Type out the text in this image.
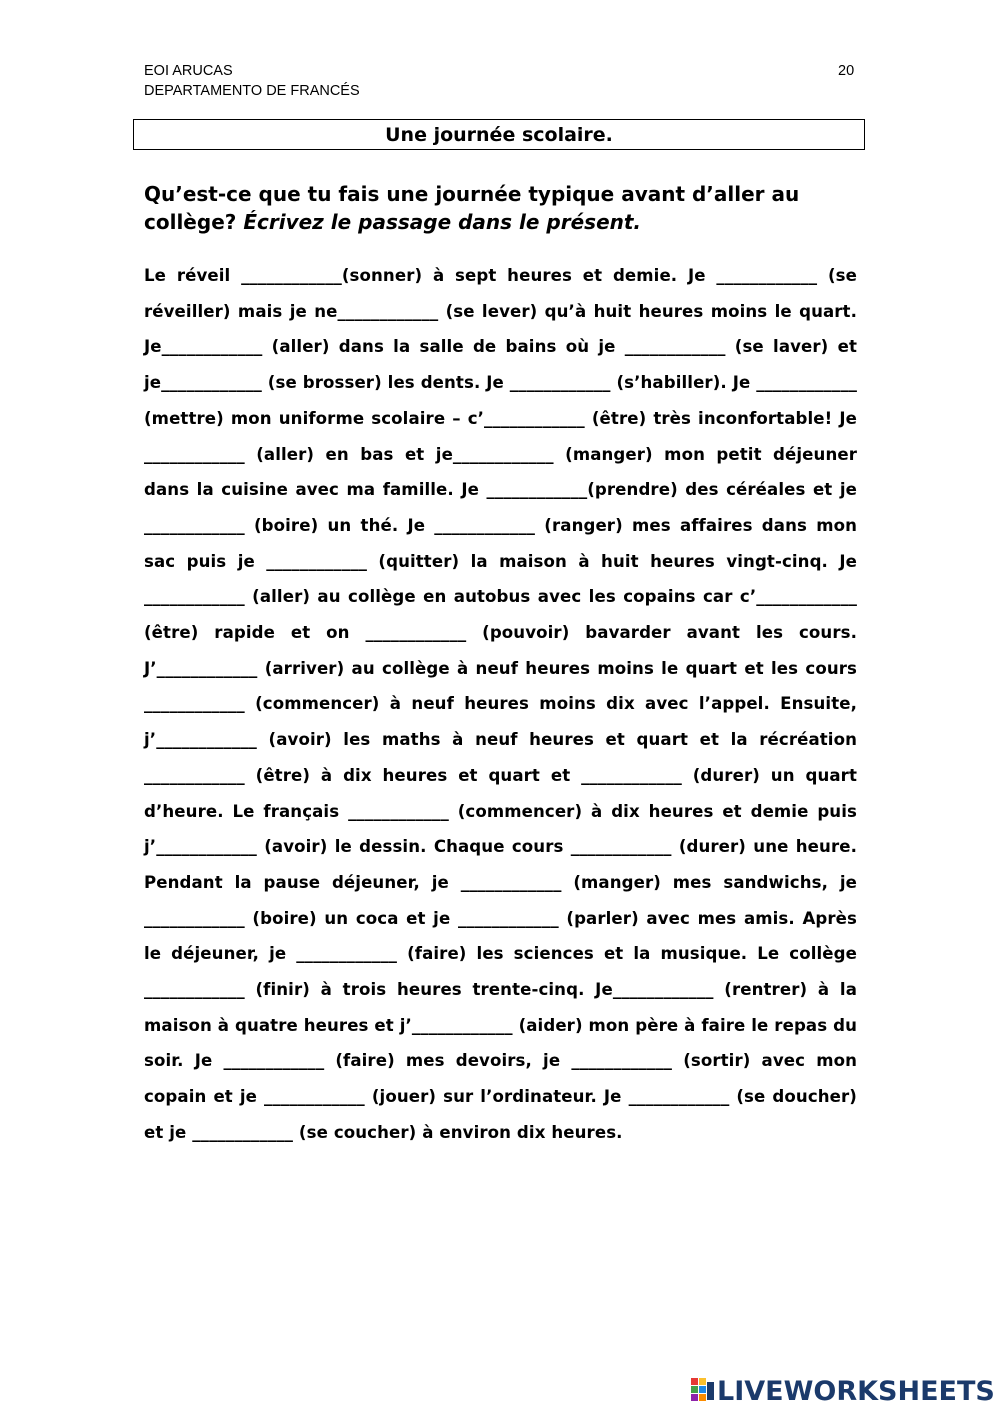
EOI ARUCAS
DEPARTAMENTO DE FRANCÉS
20
Une journée scolaire.
Qu’est-ce que tu fais une journée typique avant d’aller au collège? Écrivez le passage dans le présent.
Le réveil ____________(sonner) à sept heures et demie. Je ____________ (se réveiller) mais je ne____________ (se lever) qu’à huit heures moins le quart. Je____________ (aller) dans la salle de bains où je ____________ (se laver) et je____________ (se brosser) les dents. Je ____________ (s’habiller). Je ____________ (mettre) mon uniforme scolaire – c’____________ (être) très inconfortable! Je ____________ (aller) en bas et je____________ (manger) mon petit déjeuner dans la cuisine avec ma famille. Je ____________(prendre) des céréales et je ____________ (boire) un thé. Je ____________ (ranger) mes affaires dans mon sac puis je ____________ (quitter) la maison à huit heures vingt-cinq. Je ____________ (aller) au collège en autobus avec les copains car c’____________ (être) rapide et on ____________ (pouvoir) bavarder avant les cours. J’____________ (arriver) au collège à neuf heures moins le quart et les cours ____________ (commencer) à neuf heures moins dix avec l’appel. Ensuite, j’____________ (avoir) les maths à neuf heures et quart et la récréation ____________ (être) à dix heures et quart et ____________ (durer) un quart d’heure. Le français ____________ (commencer) à dix heures et demie puis j’____________ (avoir) le dessin. Chaque cours ____________ (durer) une heure. Pendant la pause déjeuner, je ____________ (manger) mes sandwichs, je ____________ (boire) un coca et je ____________ (parler) avec mes amis. Après le déjeuner, je ____________ (faire) les sciences et la musique. Le collège ____________ (finir) à trois heures trente-cinq. Je____________ (rentrer) à la maison à quatre heures et j’____________ (aider) mon père à faire le repas du soir. Je ____________ (faire) mes devoirs, je ____________ (sortir) avec mon copain et je ____________ (jouer) sur l’ordinateur. Je ____________ (se doucher) et je ____________ (se coucher) à environ dix heures.
LIVEWORKSHEETS
